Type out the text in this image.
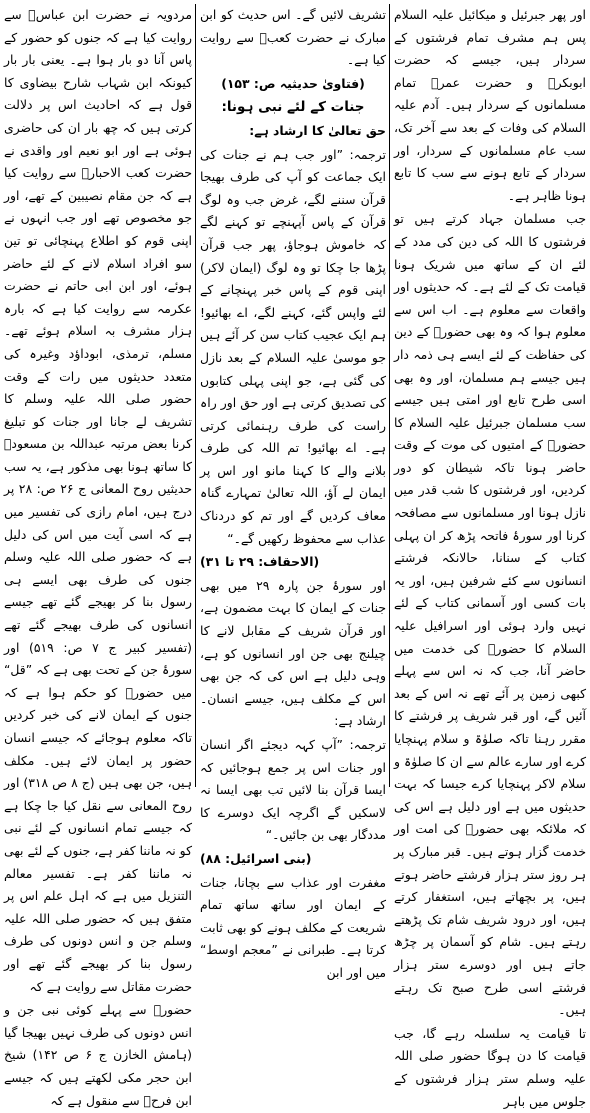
اور پھر جبرئیل و میکائیل علیہ السلام پس ہم مشرف تمام فرشتوں کے سردار ہیں، جیسے کہ حضرت ابوبکرؓ و حضرت عمرؓ تمام مسلمانوں کے سردار ہیں۔ آدم علیہ السلام کی وفات کے بعد سے آخر تک، سب عام مسلمانوں کے سردار، اور سردار کے تابع ہونے سے سب کا تابع ہونا ظاہر ہے۔

جب مسلمان جہاد کرتے ہیں تو فرشتوں کا اللہ کی دین کی مدد کے لئے ان کے ساتھ میں شریک ہونا قیامت تک کے لئے ہے۔ کہ حدیثوں اور واقعات سے معلوم ہے۔ اب اس سے معلوم ہوا کہ وہ بھی حضورؐ کے دین کی حفاظت کے لئے ایسے ہی ذمہ دار ہیں جیسے ہم مسلمان، اور وہ بھی اسی طرح تابع اور امتی ہیں جیسے سب مسلمان جبرئیل علیہ السلام کا حضورؐ کے امتیوں کی موت کے وقت حاضر ہونا تاکہ شیطان کو دور کردیں، اور فرشتوں کا شب قدر میں نازل ہونا اور مسلمانوں سے مصافحہ کرنا اور سورۂ فاتحہ پڑھ کر ان پہلی کتاب کے سنانا، حالانکہ فرشتے انسانوں سے کئے شرفین ہیں، اور یہ بات کسی اور آسمانی کتاب کے لئے نہیں وارد ہوئی اور اسرافیل علیہ السلام کا حضورؐ کی خدمت میں حاضر آنا، جب کہ نہ اس سے پہلے کبھی زمین پر آئے تھے نہ اس کے بعد آئیں گے، اور قبر شریف پر فرشتے کا مقرر رہنا تاکہ صلوٰۃ و سلام پہنچایا کرے اور سارے عالم سے ان کا صلوٰۃ و سلام لاکر پہنچایا کرے جیسا کہ بہت حدیثوں میں ہے اور دلیل ہے اس کی کہ ملائکہ بھی حضورؐ کی امت اور خدمت گزار ہوتے ہیں۔ قبر مبارک پر ہر روز ستر ہزار فرشتے حاضر ہوتے ہیں، پر بچھاتے ہیں، استغفار کرتے ہیں، اور درود شریف شام تک پڑھتے رہتے ہیں۔ شام کو آسمان پر چڑھ جاتے ہیں اور دوسرے ستر ہزار فرشتے اسی طرح صبح تک رہتے ہیں۔

تا قیامت یہ سلسلہ رہے گا، جب قیامت کا دن ہوگا حضور صلی اللہ علیہ وسلم ستر ہزار فرشتوں کے جلوس میں باہر

تشریف لائیں گے۔ اس حدیث کو ابن مبارک نے حضرت کعبؓ سے روایت کیا ہے۔

(فتاویٰ حدیثیہ ص: ۱۵۳)

جنات کے لئے نبی ہونا:

حق تعالیٰ کا ارشاد ہے:

ترجمہ: ”اور جب ہم نے جنات کی ایک جماعت کو آپ کی طرف بھیجا قرآن سننے لگے، غرض جب وہ لوگ قرآن کے پاس آپہنچے تو کہنے لگے کہ خاموش ہوجاؤ، پھر جب قرآن پڑھا جا چکا تو وہ لوگ (ایمان لاکر) اپنی قوم کے پاس خبر پہنچانے کے لئے واپس گئے، کہنے لگے، اے بھائیو! ہم ایک عجیب کتاب سن کر آئے ہیں جو موسیٰ علیہ السلام کے بعد نازل کی گئی ہے، جو اپنی پہلی کتابوں کی تصدیق کرتی ہے اور حق اور راہ راست کی طرف رہنمائی کرتی ہے۔ اے بھائیو! تم اللہ کی طرف بلانے والے کا کہنا مانو اور اس پر ایمان لے آؤ، اللہ تعالیٰ تمہارے گناہ معاف کردیں گے اور تم کو دردناک عذاب سے محفوظ رکھیں گے۔“

(الاحقاف: ۲۹ تا ۳۱)

اور سورۂ جن پارہ ۲۹ میں بھی جنات کے ایمان کا بہت مضمون ہے، اور قرآن شریف کے مقابل لانے کا چیلنج بھی جن اور انسانوں کو ہے، وہی دلیل ہے اس کی کہ جن بھی اس کے مکلف ہیں، جیسے انسان۔ ارشاد ہے:

ترجمہ: ”آپ کہہ دیجئے اگر انسان اور جنات اس پر جمع ہوجائیں کہ ایسا قرآن بنا لائیں تب بھی ایسا نہ لاسکیں گے اگرچہ ایک دوسرے کا مددگار بھی بن جائیں۔“

(بنی اسرائیل: ۸۸)

مغفرت اور عذاب سے بچانا، جنات کے ایمان اور ساتھ ساتھ تمام شریعت کے مکلف ہونے کو بھی ثابت کرتا ہے۔ طبرانی نے ”معجم اوسط“ میں اور ابن

مردویہ نے حضرت ابن عباسؓ سے روایت کیا ہے کہ جنوں کو حضور کے پاس آنا دو بار ہوا ہے۔ یعنی بار بار کیونکہ ابن شہاب شارح بیضاوی کا قول ہے کہ احادیث اس پر دلالت کرتی ہیں کہ چھ بار ان کی حاضری ہوئی ہے اور ابو نعیم اور واقدی نے حضرت کعب الاحبارؓ سے روایت کیا ہے کہ جن مقام نصیبین کے تھے، اور جو مخصوص تھے اور جب انہوں نے اپنی قوم کو اطلاع پہنچائی تو تین سو افراد اسلام لانے کے لئے حاضر ہوئے، اور ابن ابی حاتم نے حضرت عکرمہ سے روایت کیا ہے کہ بارہ ہزار مشرف بہ اسلام ہوئے تھے۔ مسلم، ترمذی، ابوداؤد وغیرہ کی متعدد حدیثوں میں رات کے وقت حضور صلی اللہ علیہ وسلم کا تشریف لے جانا اور جنات کو تبلیغ کرنا بعض مرتبہ عبداللہ بن مسعودؓ کا ساتھ ہونا بھی مذکور ہے، یہ سب حدیثیں روح المعانی ج ۲۶ ص: ۲۸ پر درج ہیں، امام رازی کی تفسیر میں ہے کہ اسی آیت میں اس کی دلیل ہے کہ حضور صلی اللہ علیہ وسلم جنوں کی طرف بھی ایسے ہی رسول بنا کر بھیجے گئے تھے جیسے انسانوں کی طرف بھیجے گئے تھے (تفسیر کبیر ج ۷ ص: ۵۱۹) اور سورۂ جن کے تحت بھی ہے کہ ”قل“ میں حضورؐ کو حکم ہوا ہے کہ جنوں کے ایمان لانے کی خبر کردیں تاکہ معلوم ہوجائے کہ جیسے انسان حضور پر ایمان لائے ہیں۔ مکلف ہیں، جن بھی ہیں (ج ۸ ص ۳۱۸) اور روح المعانی سے نقل کیا جا چکا ہے کہ جیسے تمام انسانوں کے لئے نبی کو نہ ماننا کفر ہے، جنوں کے لئے بھی نہ ماننا کفر ہے۔ تفسیر معالم التنزیل میں ہے کہ اہل علم اس پر متفق ہیں کہ حضور صلی اللہ علیہ وسلم جن و انس دونوں کی طرف رسول بنا کر بھیجے گئے تھے اور حضرت مقاتل سے روایت ہے کہ

حضورؐ سے پہلے کوئی نبی جن و انس دونوں کی طرف نہیں بھیجا گیا (ہامش الخازن ج ۶ ص ۱۴۲) شیخ ابن حجر مکی لکھتے ہیں کہ جیسے ابن فرحؒ سے منقول ہے کہ
